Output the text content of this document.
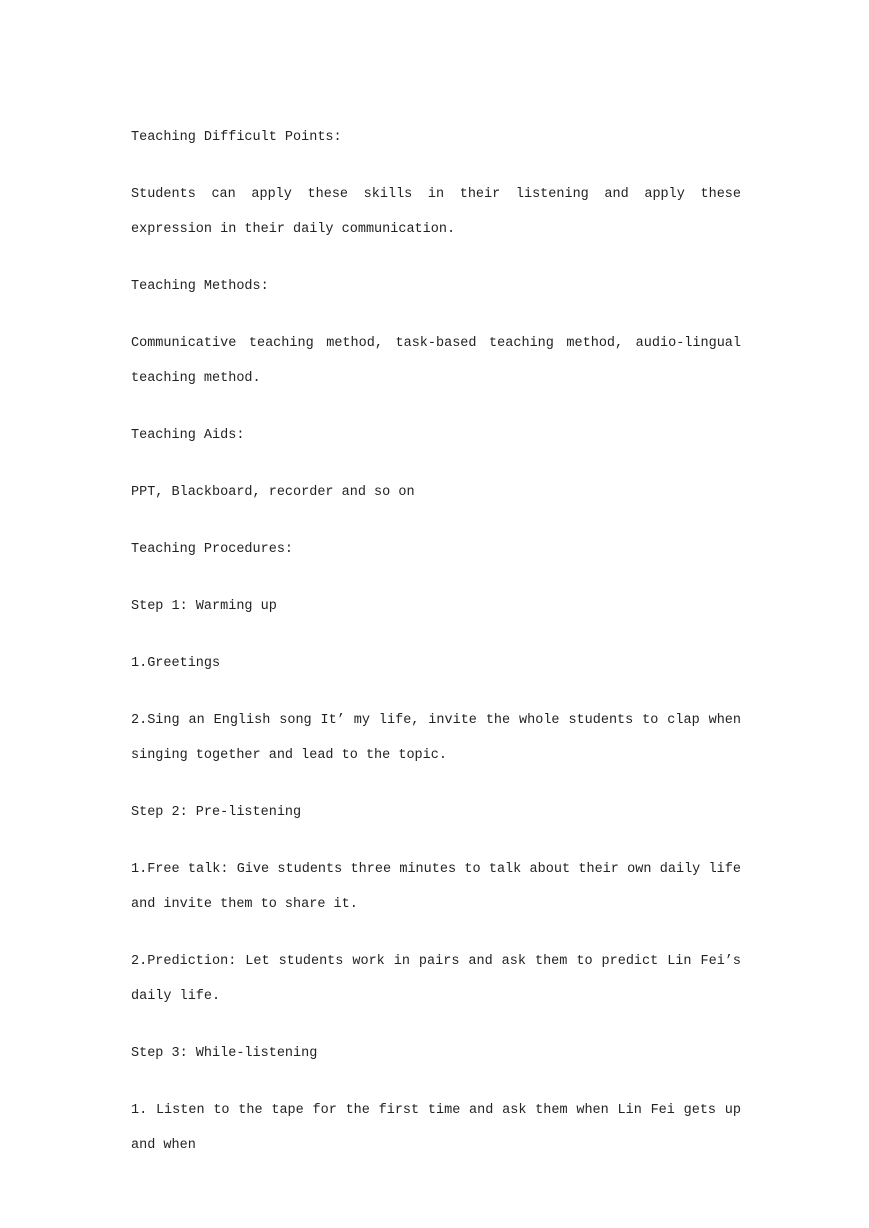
Teaching Difficult Points:

Students can apply these skills in their listening and apply these expression in their daily communication.

Teaching Methods:

Communicative teaching method, task-based teaching method, audio-lingual teaching method.

Teaching Aids:

PPT, Blackboard, recorder and so on

Teaching Procedures:

Step 1: Warming up

1.Greetings

2.Sing an English song It’ my life, invite the whole students to clap when singing together and lead to the topic.

Step 2: Pre-listening

1.Free talk: Give students three minutes to talk about their own daily life and invite them to share it.

2.Prediction: Let students work in pairs and ask them to predict Lin Fei’s daily life.

Step 3: While-listening

1. Listen to the tape for the first time and ask them when Lin Fei gets up and when
